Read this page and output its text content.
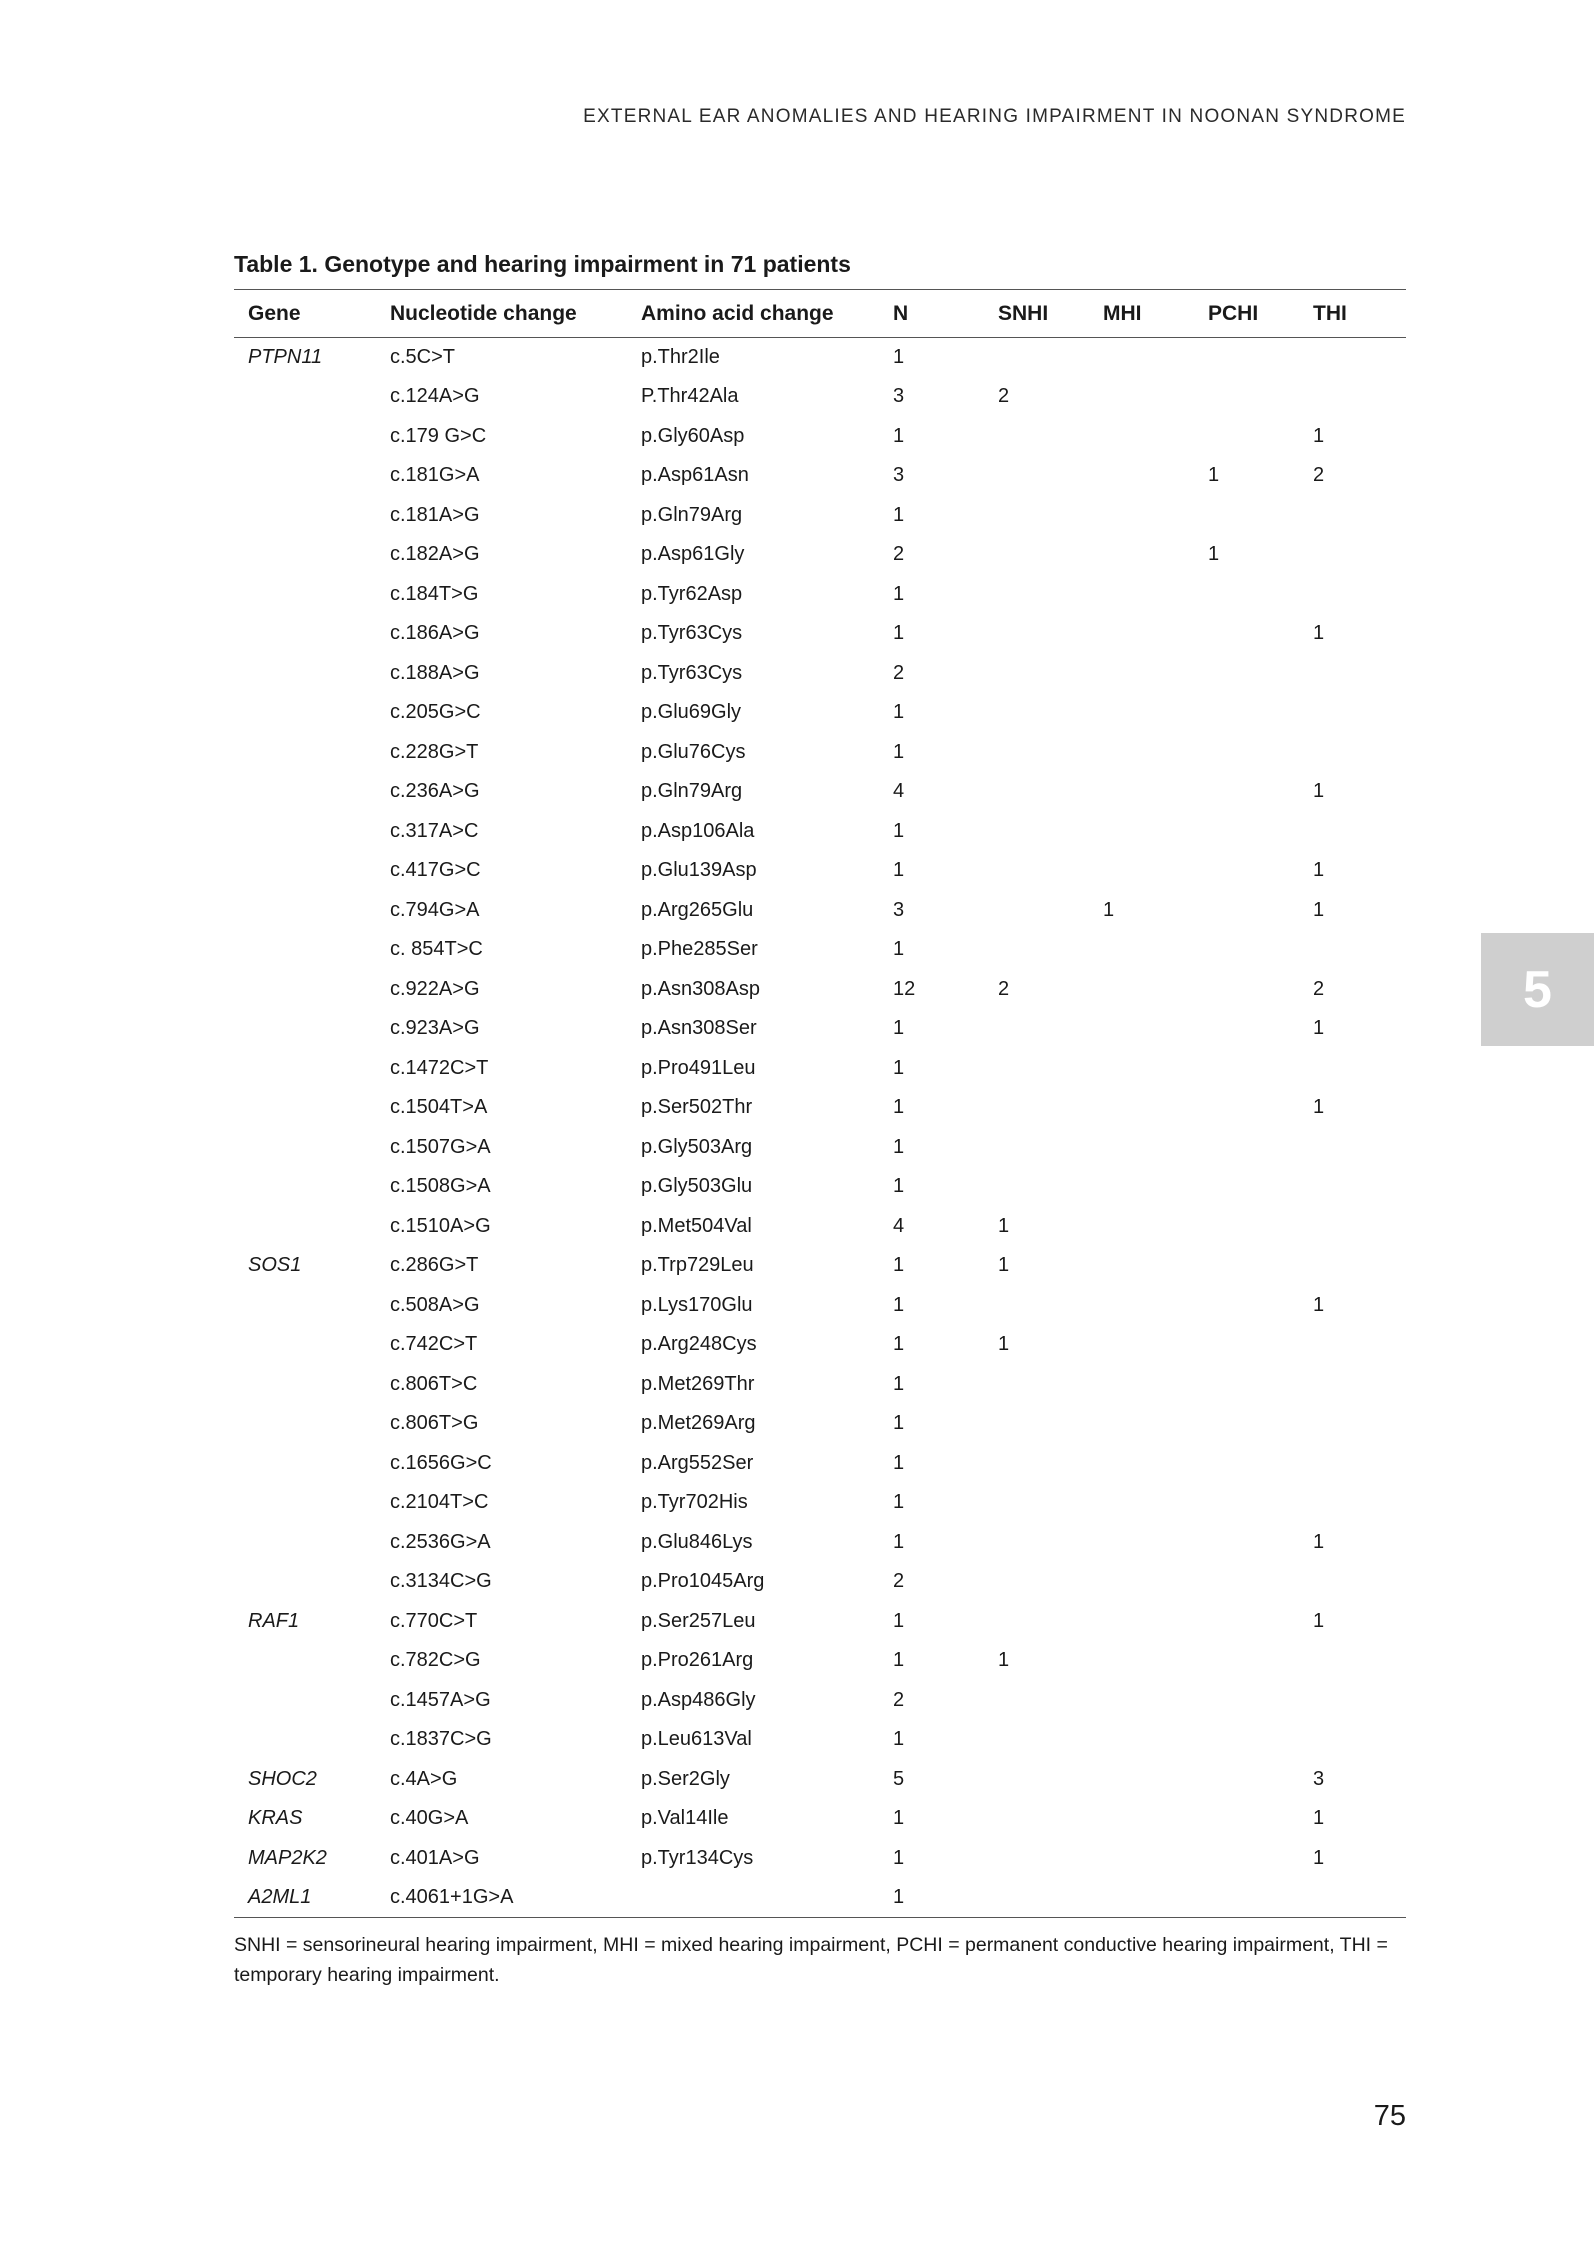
EXTERNAL EAR ANOMALIES AND HEARING IMPAIRMENT IN NOONAN SYNDROME
Table 1. Genotype and hearing impairment in 71 patients
Gene	Nucleotide change	Amino acid change	N	SNHI	MHI	PCHI	THI
PTPN11	c.5C>T	p.Thr2Ile	1				
	c.124A>G	P.Thr42Ala	3	2			
	c.179 G>C	p.Gly60Asp	1				1
	c.181G>A	p.Asp61Asn	3			1	2
	c.181A>G	p.Gln79Arg	1				
	c.182A>G	p.Asp61Gly	2			1	
	c.184T>G	p.Tyr62Asp	1				
	c.186A>G	p.Tyr63Cys	1				1
	c.188A>G	p.Tyr63Cys	2				
	c.205G>C	p.Glu69Gly	1				
	c.228G>T	p.Glu76Cys	1				
	c.236A>G	p.Gln79Arg	4				1
	c.317A>C	p.Asp106Ala	1				
	c.417G>C	p.Glu139Asp	1				1
	c.794G>A	p.Arg265Glu	3		1		1
	c. 854T>C	p.Phe285Ser	1				
	c.922A>G	p.Asn308Asp	12	2			2
	c.923A>G	p.Asn308Ser	1				1
	c.1472C>T	p.Pro491Leu	1				
	c.1504T>A	p.Ser502Thr	1				1
	c.1507G>A	p.Gly503Arg	1				
	c.1508G>A	p.Gly503Glu	1				
	c.1510A>G	p.Met504Val	4	1			
SOS1	c.286G>T	p.Trp729Leu	1	1			
	c.508A>G	p.Lys170Glu	1				1
	c.742C>T	p.Arg248Cys	1	1			
	c.806T>C	p.Met269Thr	1				
	c.806T>G	p.Met269Arg	1				
	c.1656G>C	p.Arg552Ser	1				
	c.2104T>C	p.Tyr702His	1				
	c.2536G>A	p.Glu846Lys	1				1
	c.3134C>G	p.Pro1045Arg	2				
RAF1	c.770C>T	p.Ser257Leu	1				1
	c.782C>G	p.Pro261Arg	1	1			
	c.1457A>G	p.Asp486Gly	2				
	c.1837C>G	p.Leu613Val	1				
SHOC2	c.4A>G	p.Ser2Gly	5				3
KRAS	c.40G>A	p.Val14Ile	1				1
MAP2K2	c.401A>G	p.Tyr134Cys	1				1
A2ML1	c.4061+1G>A		1				
SNHI = sensorineural hearing impairment, MHI = mixed hearing impairment, PCHI = permanent conductive hearing impairment, THI = temporary hearing impairment.
5
75
